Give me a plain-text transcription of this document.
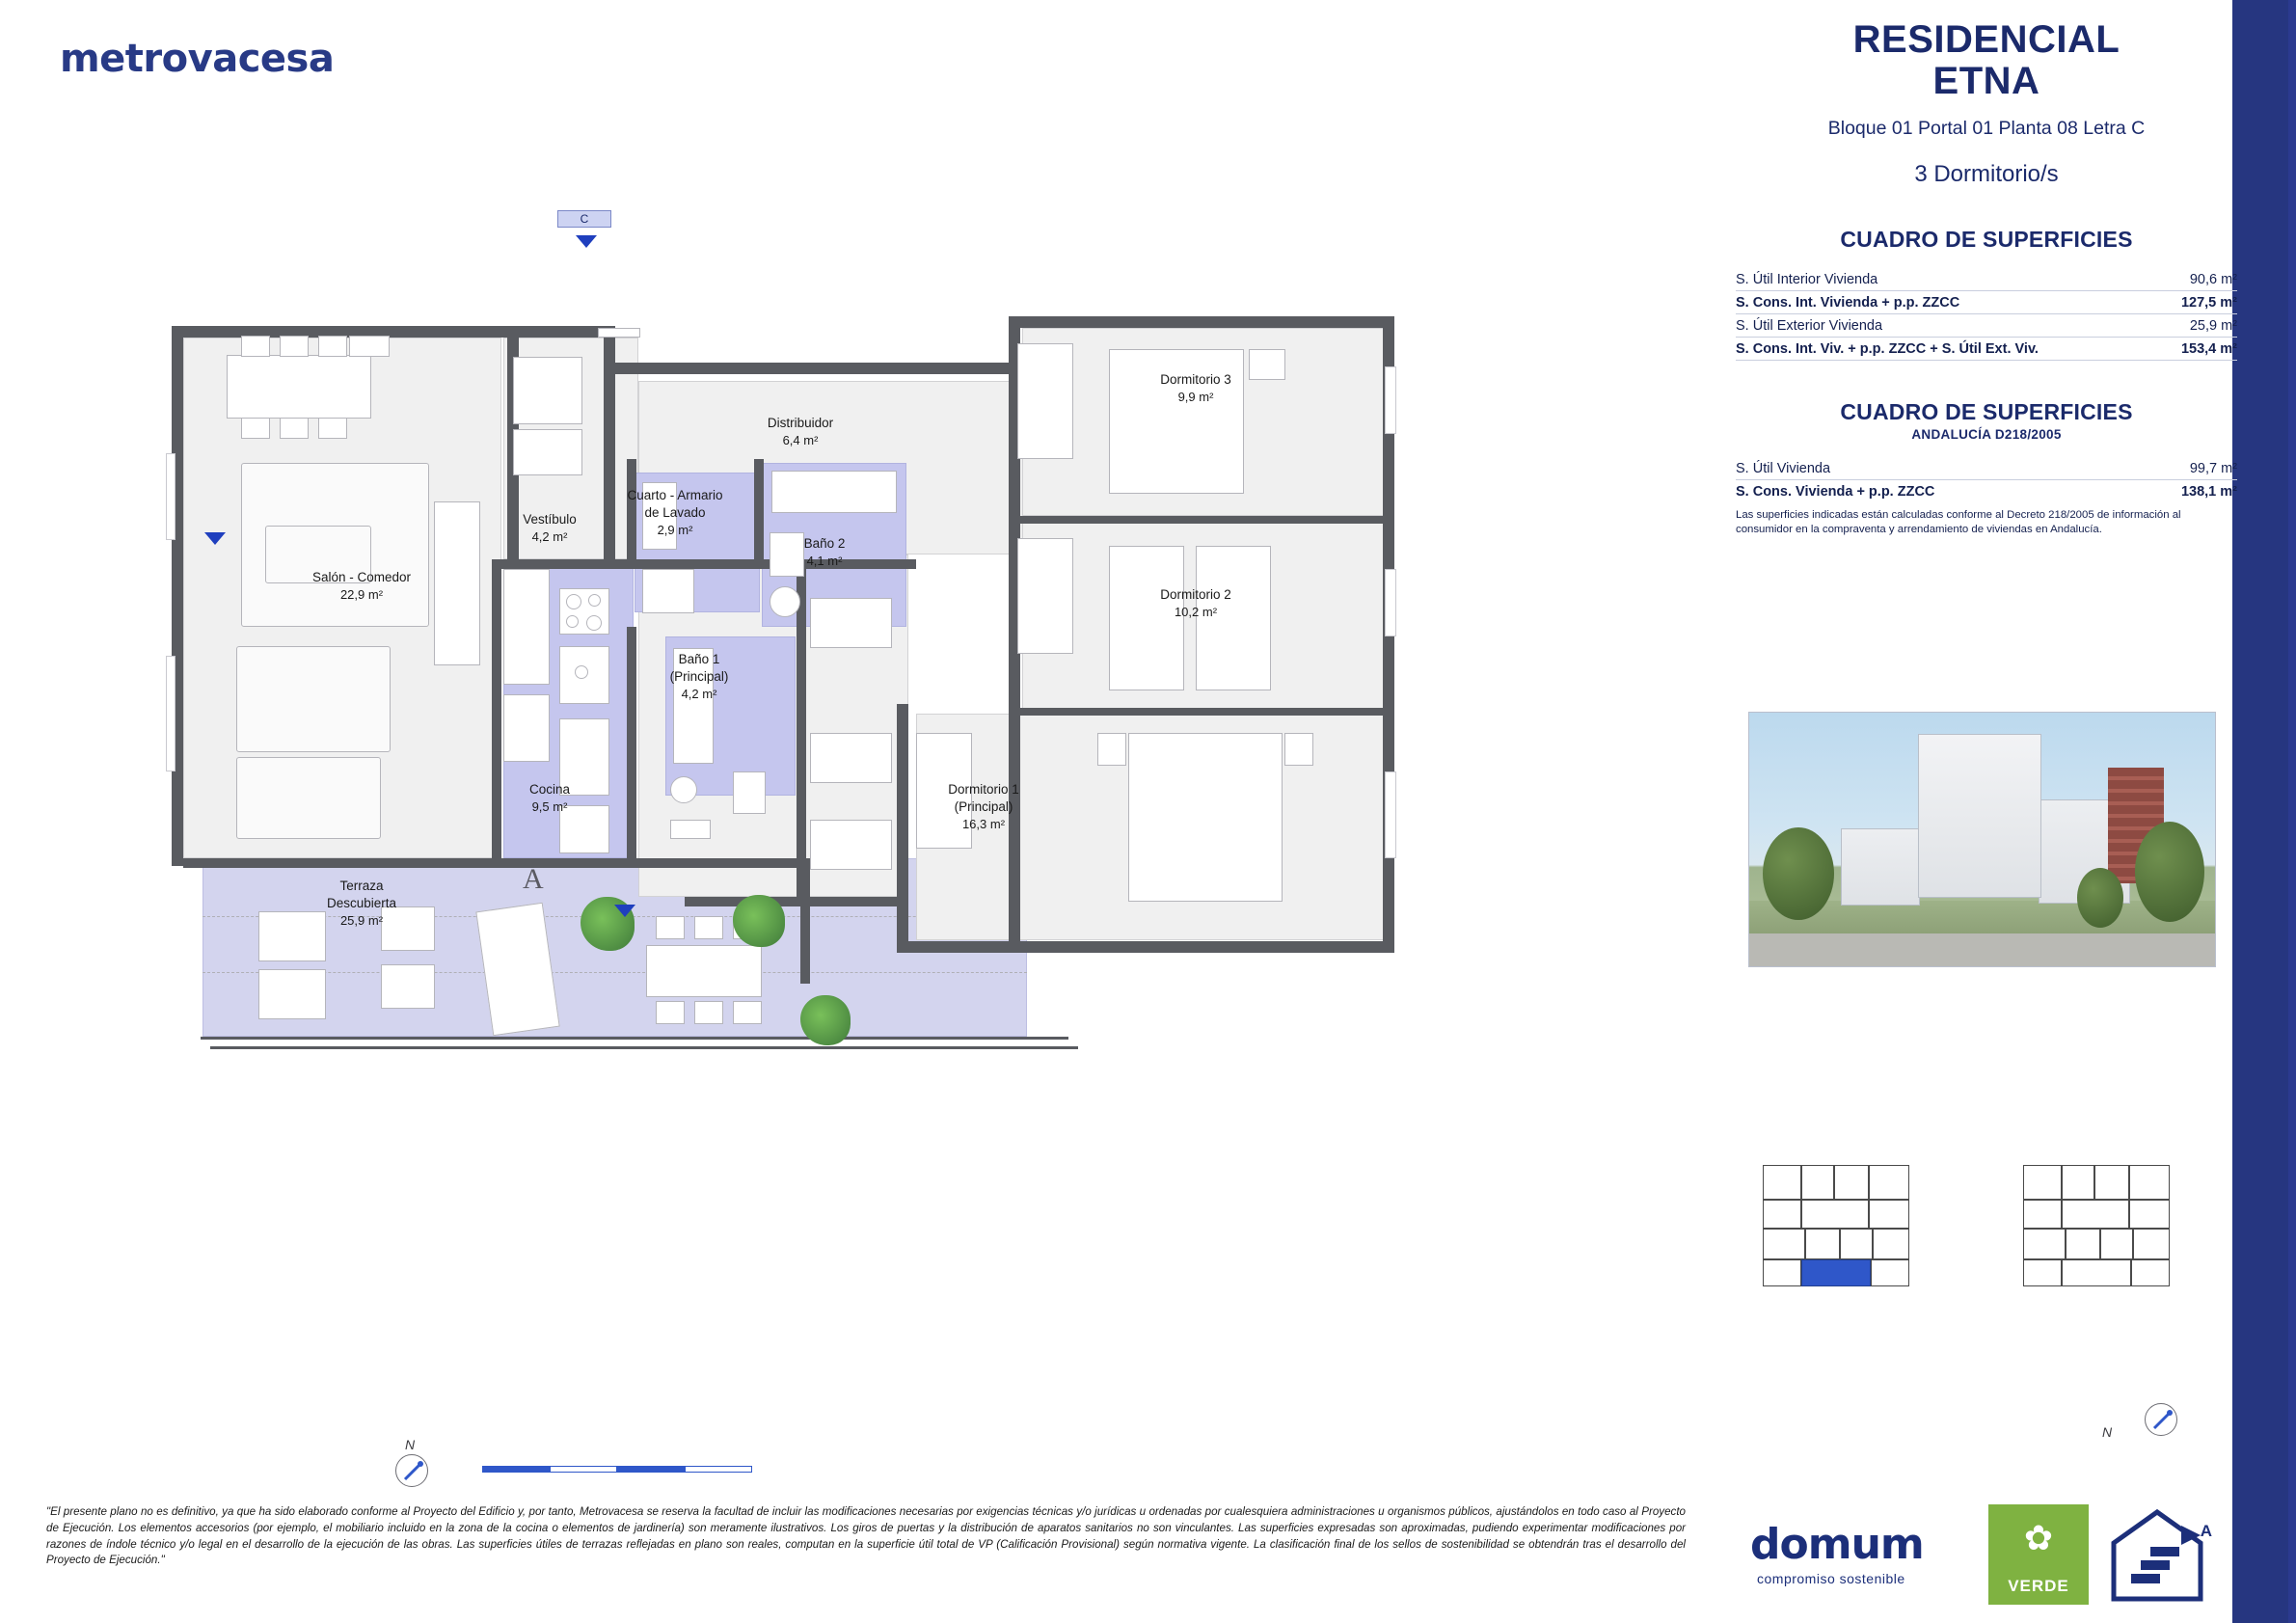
metrovacesa	RESIDENCIAL
ETNA
Bloque 01 Portal 01 Planta 08 Letra C
3 Dormitorio/s
CUADRO DE SUPERFICIES
S. Útil Interior Vivienda	90,6 m²
S. Cons. Int. Vivienda + p.p. ZZCC	127,5 m²
S. Útil Exterior Vivienda	25,9 m²
S. Cons. Int. Viv. + p.p. ZZCC + S. Útil Ext. Viv.	153,4 m²
CUADRO DE SUPERFICIES
ANDALUCÍA D218/2005
S. Útil Vivienda	99,7 m²
S. Cons. Vivienda + p.p. ZZCC	138,1 m²
Las superficies indicadas están calculadas conforme al Decreto 218/2005 de información al consumidor en la compraventa y arrendamiento de viviendas en Andalucía.
Salón - Comedor
22,9 m²
Vestíbulo
4,2 m²
Distribuidor
6,4 m²
Cuarto - Armario
de Lavado
2,9 m²
Baño 2
4,1 m²
Baño 1
(Principal)
4,2 m²
Cocina
9,5 m²
Terraza
Descubierta
25,9 m²
Dormitorio 3
9,9 m²
Dormitorio 2
10,2 m²
Dormitorio 1
(Principal)
16,3 m²
C
A
N
N
"El presente plano no es definitivo, ya que ha sido elaborado conforme al Proyecto del Edificio y, por tanto, Metrovacesa se reserva la facultad de incluir las modificaciones necesarias por exigencias técnicas y/o jurídicas u ordenadas por cualesquiera administraciones u organismos públicos, ajustándolos en todo caso al Proyecto de Ejecución. Los elementos accesorios (por ejemplo, el mobiliario incluido en la zona de la cocina o elementos de jardinería) son meramente ilustrativos. Los giros de puertas y la distribución de aparatos sanitarios no son vinculantes. Las superficies expresadas son aproximadas, pudiendo experimentar modificaciones por razones de índole técnico y/o legal en el desarrollo de la ejecución de las obras. Las superficies útiles de terrazas reflejadas en plano son reales, computan en la superficie útil total de VP (Calificación Provisional) según normativa vigente. La clasificación final de los sellos de sostenibilidad se obtendrán tras el desarrollo del Proyecto de Ejecución."	domum
compromiso sostenible
✿
VERDE
A
